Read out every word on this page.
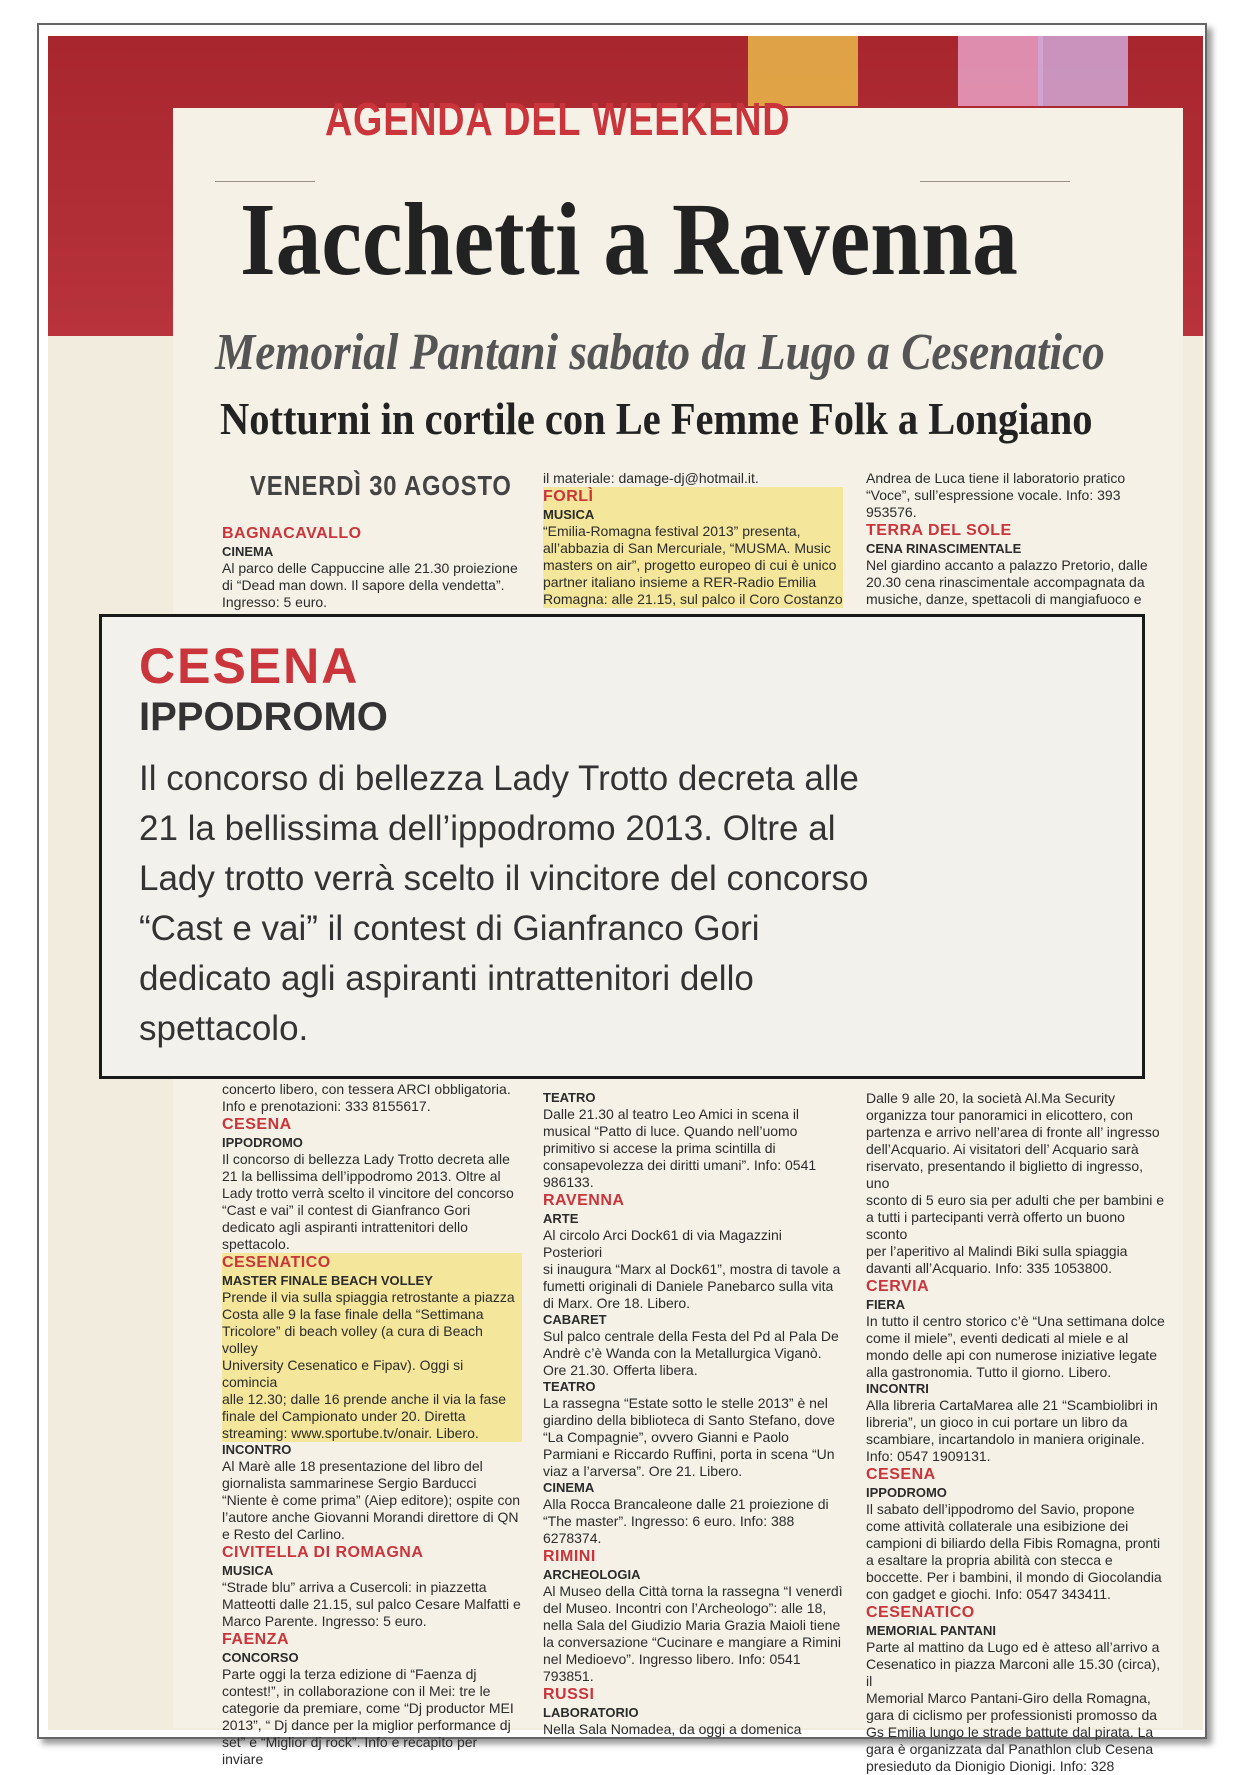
AGENDA DEL WEEKEND
Iacchetti a Ravenna
Memorial Pantani sabato da Lugo a Cesenatico
Notturni in cortile con Le Femme Folk a Longiano
VENERDÌ 30 AGOSTO
BAGNACAVALLO
CINEMA

Al parco delle Cappuccine alle 21.30 proiezione

di “Dead man down. Il sapore della vendetta”.

Ingresso: 5 euro.

concerto libero, con tessera ARCI obbligatoria.

Info e prenotazioni: 333 8155617.

CESENA
IPPODROMO

Il concorso di bellezza Lady Trotto decreta alle

21 la bellissima dell’ippodromo 2013. Oltre al

Lady trotto verrà scelto il vincitore del concorso

“Cast e vai” il contest di Gianfranco Gori

dedicato agli aspiranti intrattenitori dello

spettacolo.

CESENATICO
MASTER FINALE BEACH VOLLEY

Prende il via sulla spiaggia retrostante a piazza

Costa alle 9 la fase finale della “Settimana

Tricolore” di beach volley (a cura di Beach volley

University Cesenatico e Fipav). Oggi si comincia

alle 12.30; dalle 16 prende anche il via la fase

finale del Campionato under 20. Diretta

streaming: www.sportube.tv/onair. Libero.

INCONTRO

Al Marè alle 18 presentazione del libro del

giornalista sammarinese Sergio Barducci

“Niente è come prima” (Aiep editore); ospite con

l’autore anche Giovanni Morandi direttore di QN

e Resto del Carlino.

CIVITELLA DI ROMAGNA
MUSICA

“Strade blu” arriva a Cusercoli: in piazzetta

Matteotti dalle 21.15, sul palco Cesare Malfatti e

Marco Parente. Ingresso: 5 euro.

FAENZA
CONCORSO

Parte oggi la terza edizione di “Faenza dj

contest!”, in collaborazione con il Mei: tre le

categorie da premiare, come “Dj productor MEI

2013”, “ Dj dance per la miglior performance dj

set” e “Miglior dj rock”. Info e recapito per inviare

il materiale: damage-dj@hotmail.it.

FORLÌ
MUSICA

“Emilia-Romagna festival 2013” presenta,

all’abbazia di San Mercuriale, “MUSMA. Music

masters on air”, progetto europeo di cui è unico

partner italiano insieme a RER-Radio Emilia

Romagna: alle 21.15, sul palco il Coro Costanzo

TEATRO

Dalle 21.30 al teatro Leo Amici in scena il

musical “Patto di luce. Quando nell’uomo

primitivo si accese la prima scintilla di

consapevolezza dei diritti umani”. Info: 0541

986133.

RAVENNA
ARTE

Al circolo Arci Dock61 di via Magazzini Posteriori

si inaugura “Marx al Dock61”, mostra di tavole a

fumetti originali di Daniele Panebarco sulla vita

di Marx. Ore 18. Libero.

CABARET

Sul palco centrale della Festa del Pd al Pala De

Andrè c’è Wanda con la Metallurgica Viganò.

Ore 21.30. Offerta libera.

TEATRO

La rassegna “Estate sotto le stelle 2013” è nel

giardino della biblioteca di Santo Stefano, dove

“La Compagnie”, ovvero Gianni e Paolo

Parmiani e Riccardo Ruffini, porta in scena “Un

viaz a l’arversa”. Ore 21. Libero.

CINEMA

Alla Rocca Brancaleone dalle 21 proiezione di

“The master”. Ingresso: 6 euro. Info: 388

6278374.

RIMINI
ARCHEOLOGIA

Al Museo della Città torna la rassegna “I venerdì

del Museo. Incontri con l’Archeologo”: alle 18,

nella Sala del Giudizio Maria Grazia Maioli tiene

la conversazione “Cucinare e mangiare a Rimini

nel Medioevo”. Ingresso libero. Info: 0541

793851.

RUSSI
LABORATORIO

Nella Sala Nomadea, da oggi a domenica

Andrea de Luca tiene il laboratorio pratico

“Voce”, sull’espressione vocale. Info: 393

953576.

TERRA DEL SOLE
CENA RINASCIMENTALE

Nel giardino accanto a palazzo Pretorio, dalle

20.30 cena rinascimentale accompagnata da

musiche, danze, spettacoli di mangiafuoco e

Dalle 9 alle 20, la società Al.Ma Security

organizza tour panoramici in elicottero, con

partenza e arrivo nell’area di fronte all’ ingresso

dell’Acquario. Ai visitatori dell’ Acquario sarà

riservato, presentando il biglietto di ingresso, uno

sconto di 5 euro sia per adulti che per bambini e

a tutti i partecipanti verrà offerto un buono sconto

per l’aperitivo al Malindi Biki sulla spiaggia

davanti all’Acquario. Info: 335 1053800.

CERVIA
FIERA

In tutto il centro storico c’è “Una settimana dolce

come il miele”, eventi dedicati al miele e al

mondo delle api con numerose iniziative legate

alla gastronomia. Tutto il giorno. Libero.

INCONTRI

Alla libreria CartaMarea alle 21 “Scambiolibri in

libreria”, un gioco in cui portare un libro da

scambiare, incartandolo in maniera originale.

Info: 0547 1909131.

CESENA
IPPODROMO

Il sabato dell’ippodromo del Savio, propone

come attività collaterale una esibizione dei

campioni di biliardo della Fibis Romagna, pronti

a esaltare la propria abilità con stecca e

boccette. Per i bambini, il mondo di Giocolandia

con gadget e giochi. Info: 0547 343411.

CESENATICO
MEMORIAL PANTANI

Parte al mattino da Lugo ed è atteso all’arrivo a

Cesenatico in piazza Marconi alle 15.30 (circa), il

Memorial Marco Pantani-Giro della Romagna,

gara di ciclismo per professionisti promosso da

Gs Emilia lungo le strade battute dal pirata. La

gara è organizzata dal Panathlon club Cesena

presieduto da Dionigio Dionigi. Info: 328

CESENA
IPPODROMO

Il concorso di bellezza Lady Trotto decreta alle

21 la bellissima dell’ippodromo 2013. Oltre al

Lady trotto verrà scelto il vincitore del concorso

“Cast e vai” il contest di Gianfranco Gori

dedicato agli aspiranti intrattenitori dello

spettacolo.
